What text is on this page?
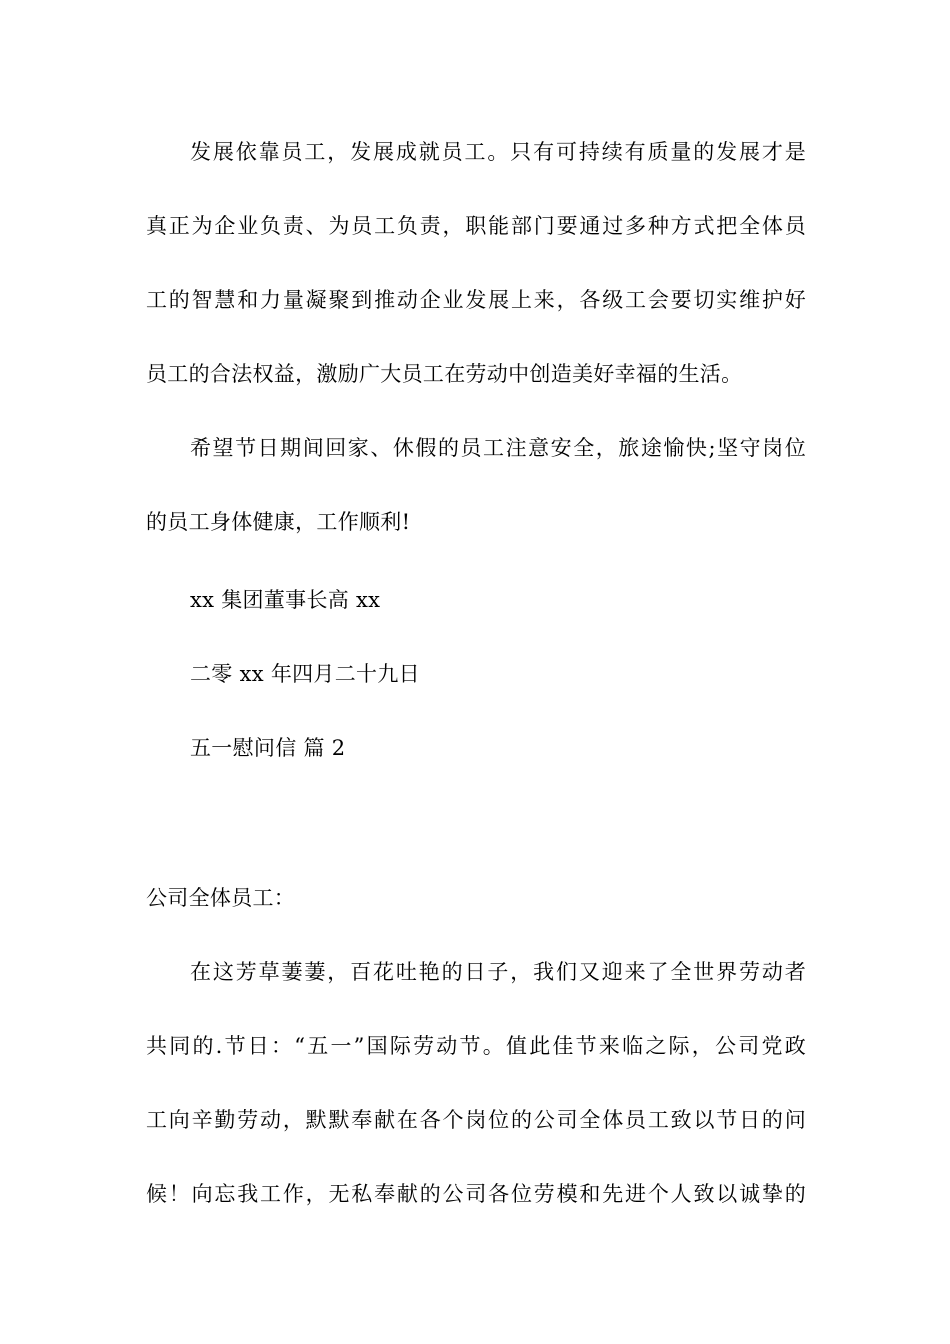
发展依靠员工，发展成就员工。只有可持续有质量的发展才是
真正为企业负责、为员工负责，职能部门要通过多种方式把全体员
工的智慧和力量凝聚到推动企业发展上来，各级工会要切实维护好
员工的合法权益，激励广大员工在劳动中创造美好幸福的生活。
希望节日期间回家、休假的员工注意安全，旅途愉快;坚守岗位
的员工身体健康，工作顺利!
xx 集团董事长高 xx
二零 xx 年四月二十九日
五一慰问信 篇 2
公司全体员工：
在这芳草萋萋，百花吐艳的日子，我们又迎来了全世界劳动者
共同的.节日：“五一”国际劳动节。值此佳节来临之际，公司党政
工向辛勤劳动，默默奉献在各个岗位的公司全体员工致以节日的问
候！向忘我工作，无私奉献的公司各位劳模和先进个人致以诚挚的
